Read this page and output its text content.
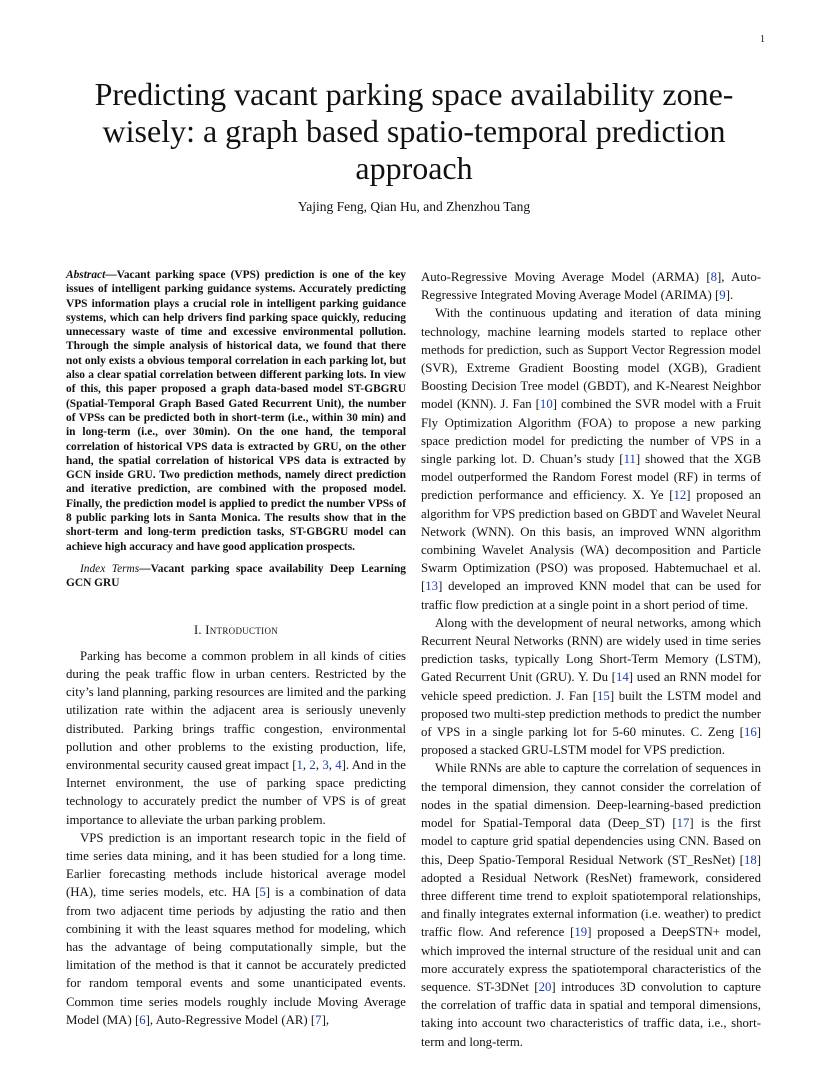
1
Predicting vacant parking space availability zone-wisely: a graph based spatio-temporal prediction approach
Yajing Feng, Qian Hu, and Zhenzhou Tang

Abstract—Vacant parking space (VPS) prediction is one of the key issues of intelligent parking guidance systems. Accurately predicting VPS information plays a crucial role in intelligent parking guidance systems, which can help drivers find parking space quickly, reducing unnecessary waste of time and excessive environmental pollution. Through the simple analysis of historical data, we found that there not only exists a obvious temporal correlation in each parking lot, but also a clear spatial correlation between different parking lots. In view of this, this paper proposed a graph data-based model ST-GBGRU (Spatial-Temporal Graph Based Gated Recurrent Unit), the number of VPSs can be predicted both in short-term (i.e., within 30 min) and in long-term (i.e., over 30min). On the one hand, the temporal correlation of historical VPS data is extracted by GRU, on the other hand, the spatial correlation of historical VPS data is extracted by GCN inside GRU. Two prediction methods, namely direct prediction and iterative prediction, are combined with the proposed model. Finally, the prediction model is applied to predict the number VPSs of 8 public parking lots in Santa Monica. The results show that in the short-term and long-term prediction tasks, ST-GBGRU model can achieve high accuracy and have good application prospects.

Index Terms—Vacant parking space availability Deep Learning GCN GRU

I. Introduction

Parking has become a common problem in all kinds of cities during the peak traffic flow in urban centers. Restricted by the city’s land planning, parking resources are limited and the parking utilization rate within the adjacent area is seriously unevenly distributed. Parking brings traffic congestion, environmental pollution and other problems to the existing production, life, environmental security caused great impact [1, 2, 3, 4]. And in the Internet environment, the use of parking space predicting technology to accurately predict the number of VPS is of great importance to alleviate the urban parking problem.

VPS prediction is an important research topic in the field of time series data mining, and it has been studied for a long time. Earlier forecasting methods include historical average model (HA), time series models, etc. HA [5] is a combination of data from two adjacent time periods by adjusting the ratio and then combining it with the least squares method for modeling, which has the advantage of being computationally simple, but the limitation of the method is that it cannot be accurately predicted for random temporal events and some unanticipated events. Common time series models roughly include Moving Average Model (MA) [6], Auto-Regressive Model (AR) [7],

Auto-Regressive Moving Average Model (ARMA) [8], Auto-Regressive Integrated Moving Average Model (ARIMA) [9].

With the continuous updating and iteration of data mining technology, machine learning models started to replace other methods for prediction, such as Support Vector Regression model (SVR), Extreme Gradient Boosting model (XGB), Gradient Boosting Decision Tree model (GBDT), and K-Nearest Neighbor model (KNN). J. Fan [10] combined the SVR model with a Fruit Fly Optimization Algorithm (FOA) to propose a new parking space prediction model for predicting the number of VPS in a single parking lot. D. Chuan’s study [11] showed that the XGB model outperformed the Random Forest model (RF) in terms of prediction performance and efficiency. X. Ye [12] proposed an algorithm for VPS prediction based on GBDT and Wavelet Neural Network (WNN). On this basis, an improved WNN algorithm combining Wavelet Analysis (WA) decomposition and Particle Swarm Optimization (PSO) was proposed. Habtemuchael et al. [13] developed an improved KNN model that can be used for traffic flow prediction at a single point in a short period of time.

Along with the development of neural networks, among which Recurrent Neural Networks (RNN) are widely used in time series prediction tasks, typically Long Short-Term Memory (LSTM), Gated Recurrent Unit (GRU). Y. Du [14] used an RNN model for vehicle speed prediction. J. Fan [15] built the LSTM model and proposed two multi-step prediction methods to predict the number of VPS in a single parking lot for 5-60 minutes. C. Zeng [16] proposed a stacked GRU-LSTM model for VPS prediction.

While RNNs are able to capture the correlation of sequences in the temporal dimension, they cannot consider the correlation of nodes in the spatial dimension. Deep-learning-based prediction model for Spatial-Temporal data (Deep_ST) [17] is the first model to capture grid spatial dependencies using CNN. Based on this, Deep Spatio-Temporal Residual Network (ST_ResNet) [18] adopted a Residual Network (ResNet) framework, considered three different time trend to exploit spatiotemporal relationships, and finally integrates external information (i.e. weather) to predict traffic flow. And reference [19] proposed a DeepSTN+ model, which improved the internal structure of the residual unit and can more accurately express the spatiotemporal characteristics of the sequence. ST-3DNet [20] introduces 3D convolution to capture the correlation of traffic data in spatial and temporal dimensions, taking into account two characteristics of traffic data, i.e., short-term and long-term.
